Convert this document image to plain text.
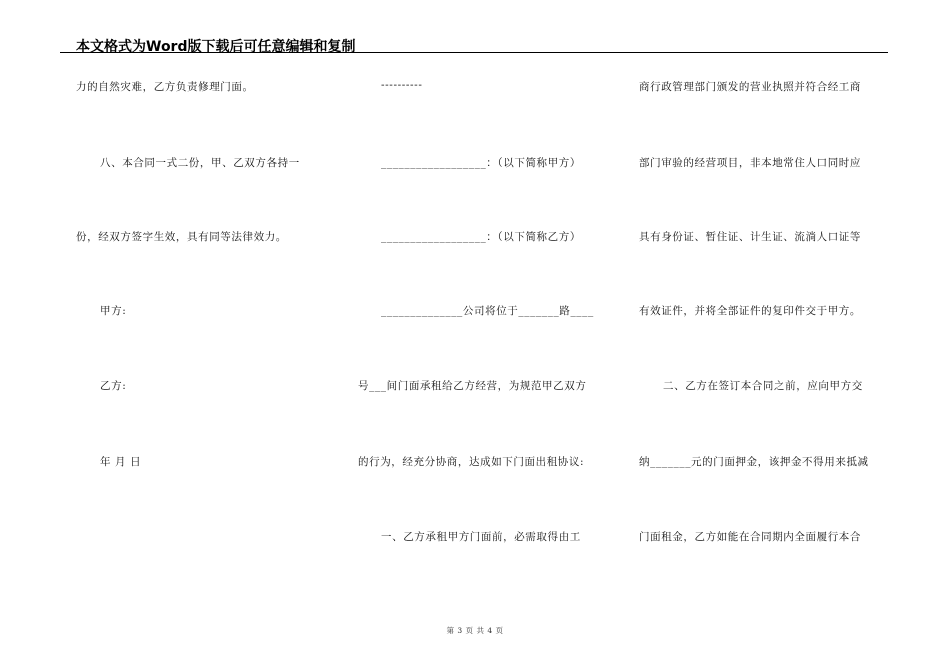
本文格式为Word版下载后可任意编辑和复制
力的自然灾难，乙方负责修理门面。
八、本合同一式二份，甲、乙双方各持一
份，经双方签字生效，具有同等法律效力。
甲方:
乙方:
年 月 日
----------
__________________：（以下简称甲方）
__________________：（以下简称乙方）
______________公司将位于_______路____
号___间门面承租给乙方经营，为规范甲乙双方
的行为，经充分协商，达成如下门面出租协议:
一、乙方承租甲方门面前，必需取得由工
商行政管理部门颁发的营业执照并符合经工商
部门审验的经营项目，非本地常住人口同时应
具有身份证、暂住证、计生证、流淌人口证等
有效证件，并将全部证件的复印件交于甲方。
二、乙方在签订本合同之前，应向甲方交
纳_______元的门面押金，该押金不得用来抵减
门面租金，乙方如能在合同期内全面履行本合
第 3 页 共 4 页
